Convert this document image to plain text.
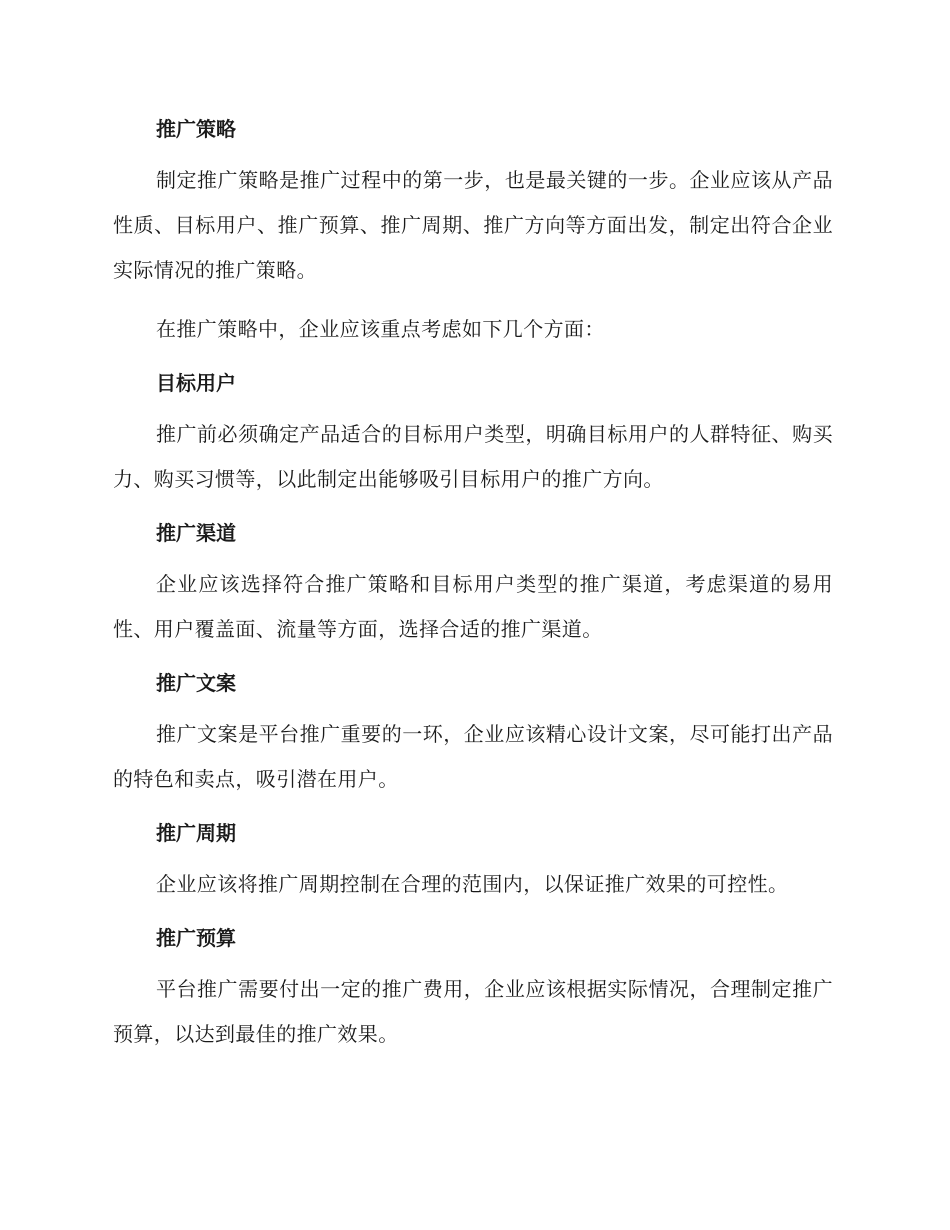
推广策略

制定推广策略是推广过程中的第一步，也是最关键的一步。企业应该从产品性质、目标用户、推广预算、推广周期、推广方向等方面出发，制定出符合企业实际情况的推广策略。

在推广策略中，企业应该重点考虑如下几个方面：

目标用户

推广前必须确定产品适合的目标用户类型，明确目标用户的人群特征、购买力、购买习惯等，以此制定出能够吸引目标用户的推广方向。

推广渠道

企业应该选择符合推广策略和目标用户类型的推广渠道，考虑渠道的易用性、用户覆盖面、流量等方面，选择合适的推广渠道。

推广文案

推广文案是平台推广重要的一环，企业应该精心设计文案，尽可能打出产品的特色和卖点，吸引潜在用户。

推广周期

企业应该将推广周期控制在合理的范围内，以保证推广效果的可控性。

推广预算

平台推广需要付出一定的推广费用，企业应该根据实际情况，合理制定推广预算，以达到最佳的推广效果。
